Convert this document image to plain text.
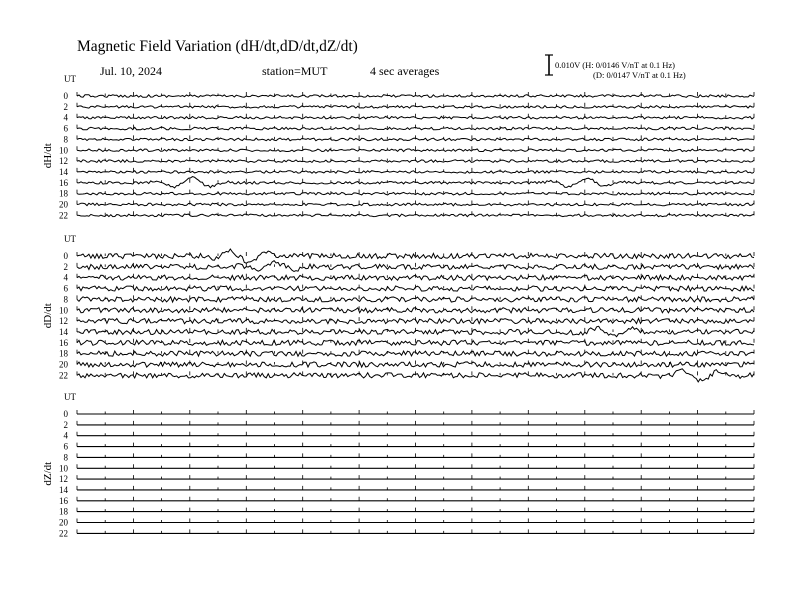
Magnetic Field Variation (dH/dt,dD/dt,dZ/dt)
Jul. 10, 2024	station=MUT	4 sec averages	0.010V (H: 0/0146 V/nT at 0.1 Hz)
(D: 0/0147 V/nT at 0.1 Hz)
UT
dH/dt
0
2
4
6
8
10
12
14
16
18
20
22
UT
dD/dt
0
2
4
6
8
10
12
14
16
18
20
22
UT
dZ/dt
0
2
4
6
8
10
12
14
16
18
20
22
